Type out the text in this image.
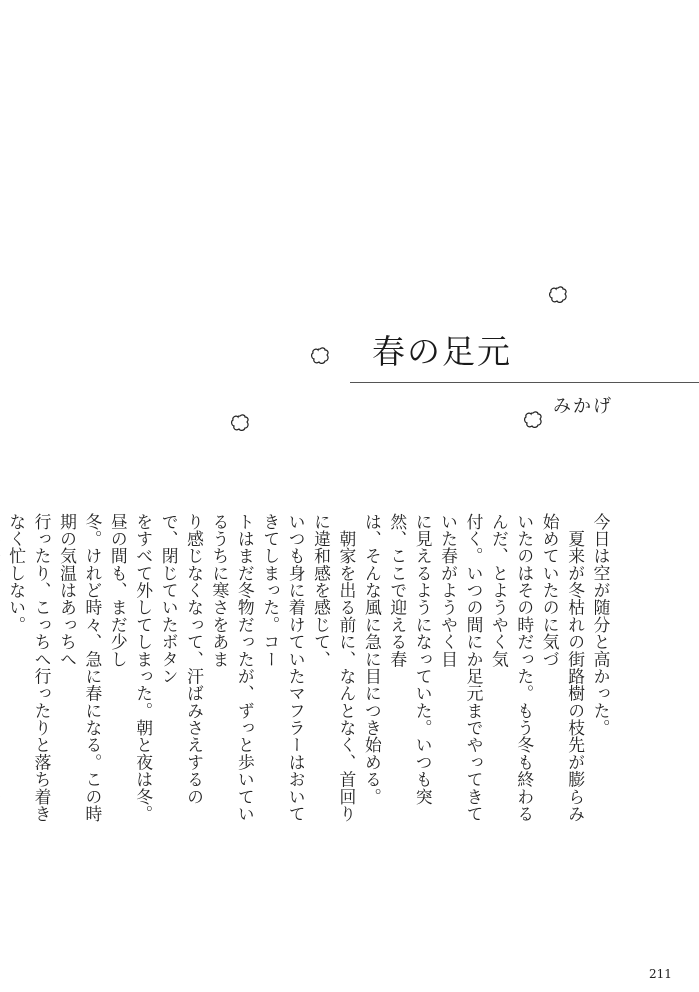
春の足元
みかげ

今日は空が随分と高かった。

　夏来が冬枯れの街路樹の枝先が膨らみ始めていたのに気づ

いたのはその時だった。もう冬も終わるんだ、とようやく気

付く。いつの間にか足元までやってきていた春がようやく目

に見えるようになっていた。いつも突然、ここで迎える春

は、そんな風に急に目につき始める。

　朝家を出る前に、なんとなく、首回りに違和感を感じて、

いつも身に着けていたマフラーはおいてきてしまった。コー

トはまだ冬物だったが、ずっと歩いているうちに寒さをあま

り感じなくなって、汗ばみさえするので、閉じていたボタン

をすべて外してしまった。朝と夜は冬。昼の間も、まだ少し

冬。けれど時々、急に春になる。この時期の気温はあっちへ

行ったり、こっちへ行ったりと落ち着きなく忙しない。

211
